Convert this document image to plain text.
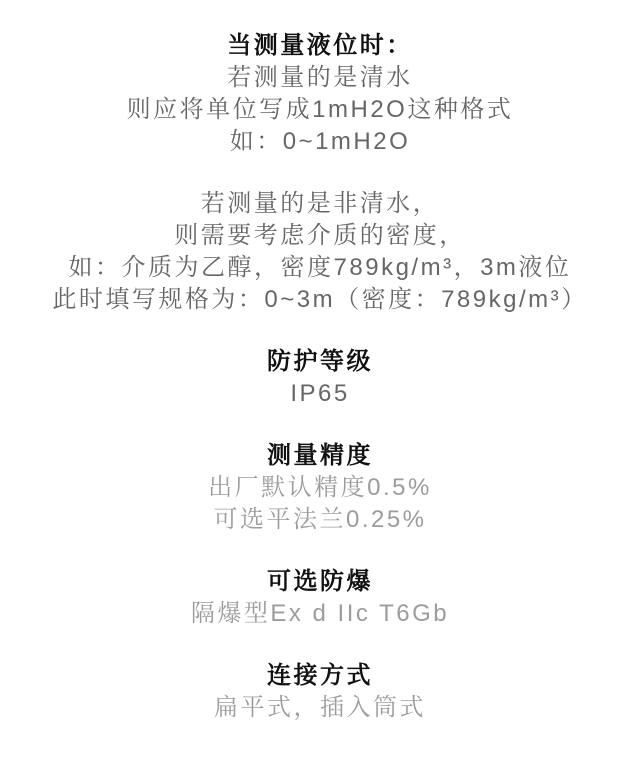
当测量液位时：

若测量的是清水

则应将单位写成1mH2O这种格式

如：0~1mH2O

若测量的是非清水，

则需要考虑介质的密度，

如：介质为乙醇，密度789kg/m³，3m液位

此时填写规格为：0~3m（密度：789kg/m³）

防护等级

IP65

测量精度

出厂默认精度0.5%

可选平法兰0.25%

可选防爆

隔爆型Ex d IIc T6Gb

连接方式

扁平式，插入筒式
